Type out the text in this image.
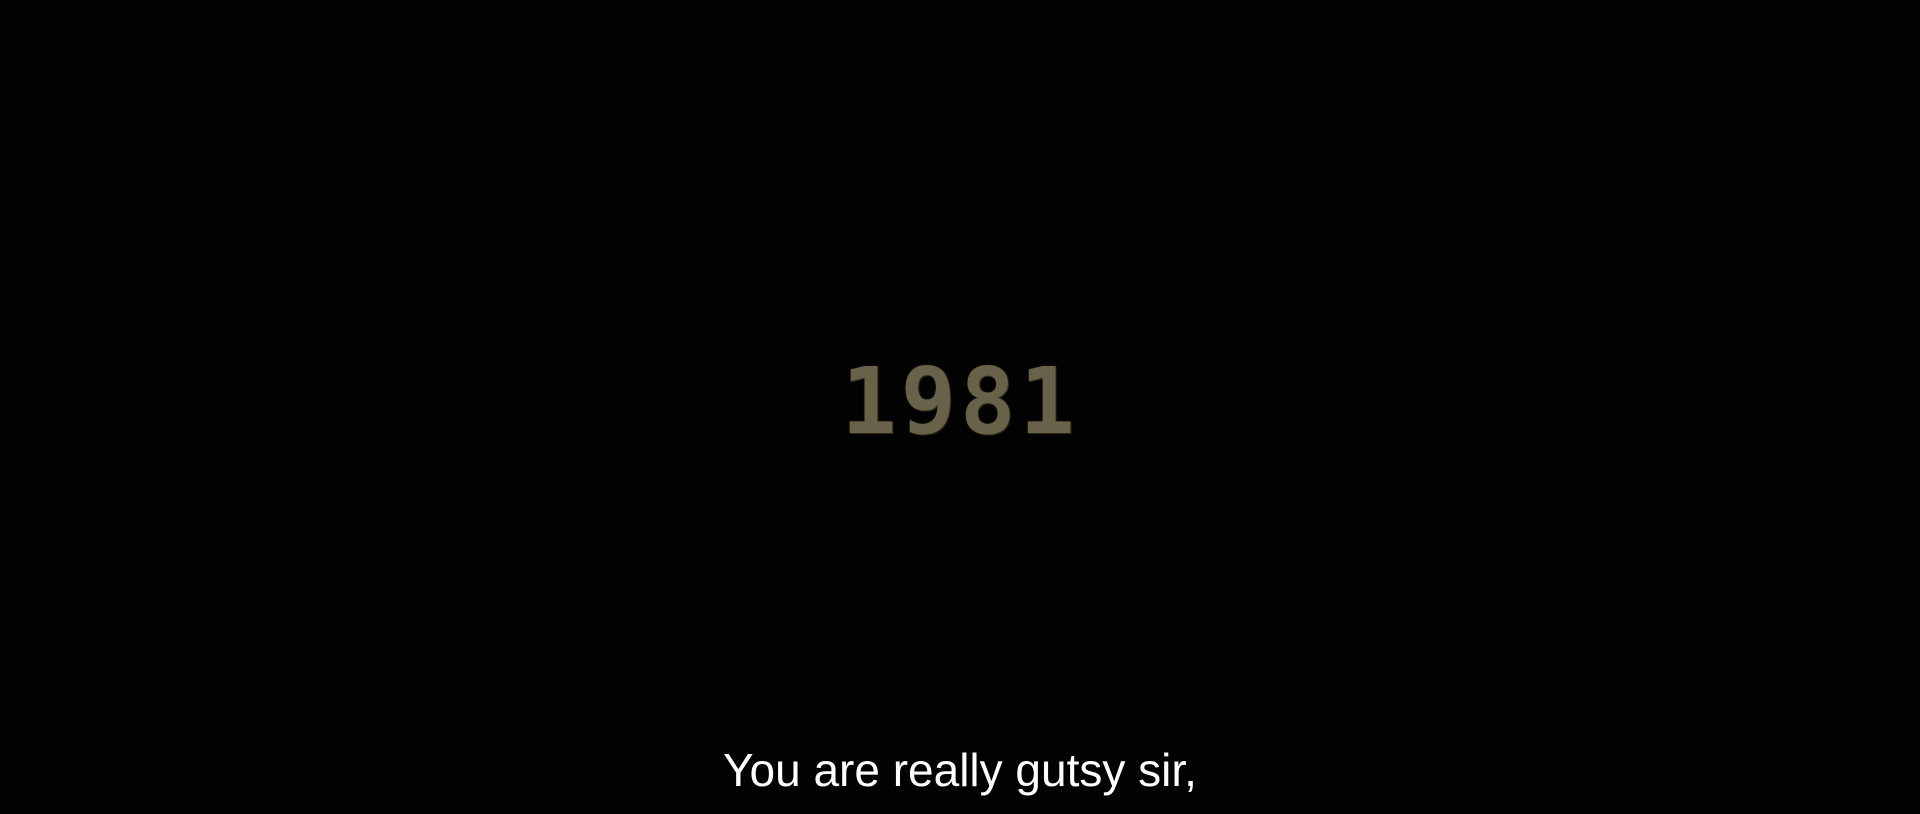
1981
You are really gutsy sir,
